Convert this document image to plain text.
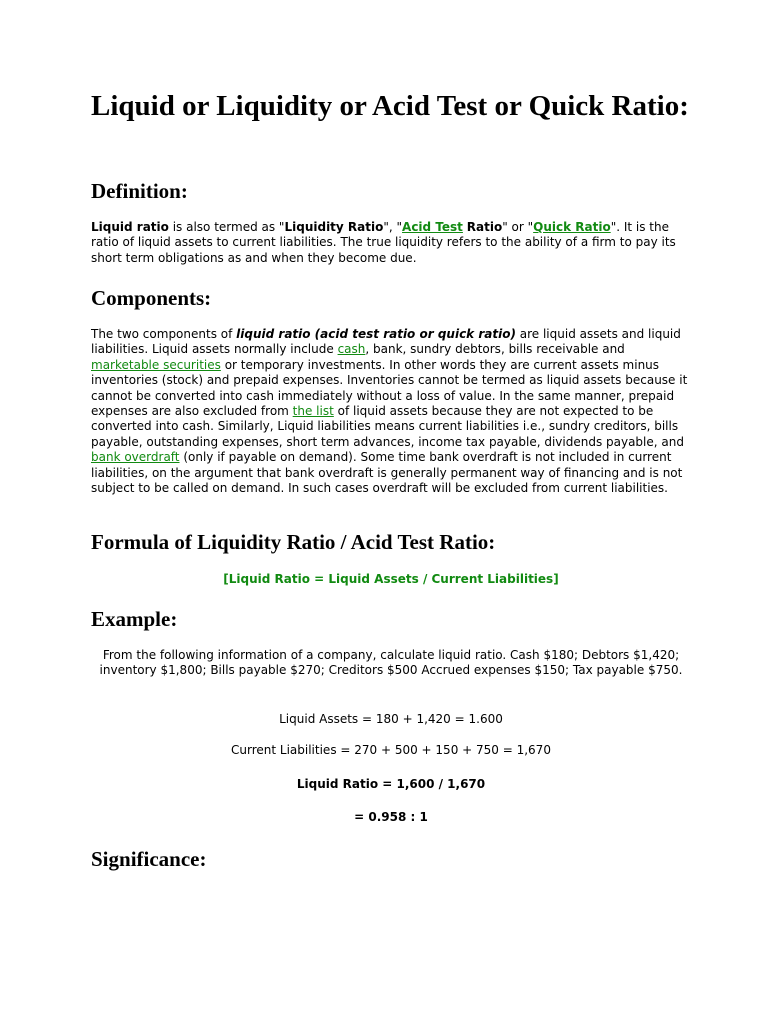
Liquid or Liquidity or Acid Test or Quick Ratio:
Definition:

Liquid ratio is also termed as "Liquidity Ratio", "Acid Test Ratio" or "Quick Ratio". It is the ratio of liquid assets to current liabilities. The true liquidity refers to the ability of a firm to pay its short term obligations as and when they become due.

Components:

The two components of liquid ratio (acid test ratio or quick ratio) are liquid assets and liquid liabilities. Liquid assets normally include cash, bank, sundry debtors, bills receivable and marketable securities or temporary investments. In other words they are current assets minus inventories (stock) and prepaid expenses. Inventories cannot be termed as liquid assets because it cannot be converted into cash immediately without a loss of value. In the same manner, prepaid expenses are also excluded from the list of liquid assets because they are not expected to be converted into cash. Similarly, Liquid liabilities means current liabilities i.e., sundry creditors, bills payable, outstanding expenses, short term advances, income tax payable, dividends payable, and bank overdraft (only if payable on demand). Some time bank overdraft is not included in current liabilities, on the argument that bank overdraft is generally permanent way of financing and is not subject to be called on demand. In such cases overdraft will be excluded from current liabilities.

Formula of Liquidity Ratio / Acid Test Ratio:

[Liquid Ratio = Liquid Assets / Current Liabilities]

Example:

From the following information of a company, calculate liquid ratio. Cash $180; Debtors $1,420; inventory $1,800; Bills payable $270; Creditors $500 Accrued expenses $150; Tax payable $750.

Liquid Assets = 180 + 1,420 = 1.600

Current Liabilities = 270 + 500 + 150 + 750 = 1,670

Liquid Ratio = 1,600 / 1,670

= 0.958 : 1

Significance:
